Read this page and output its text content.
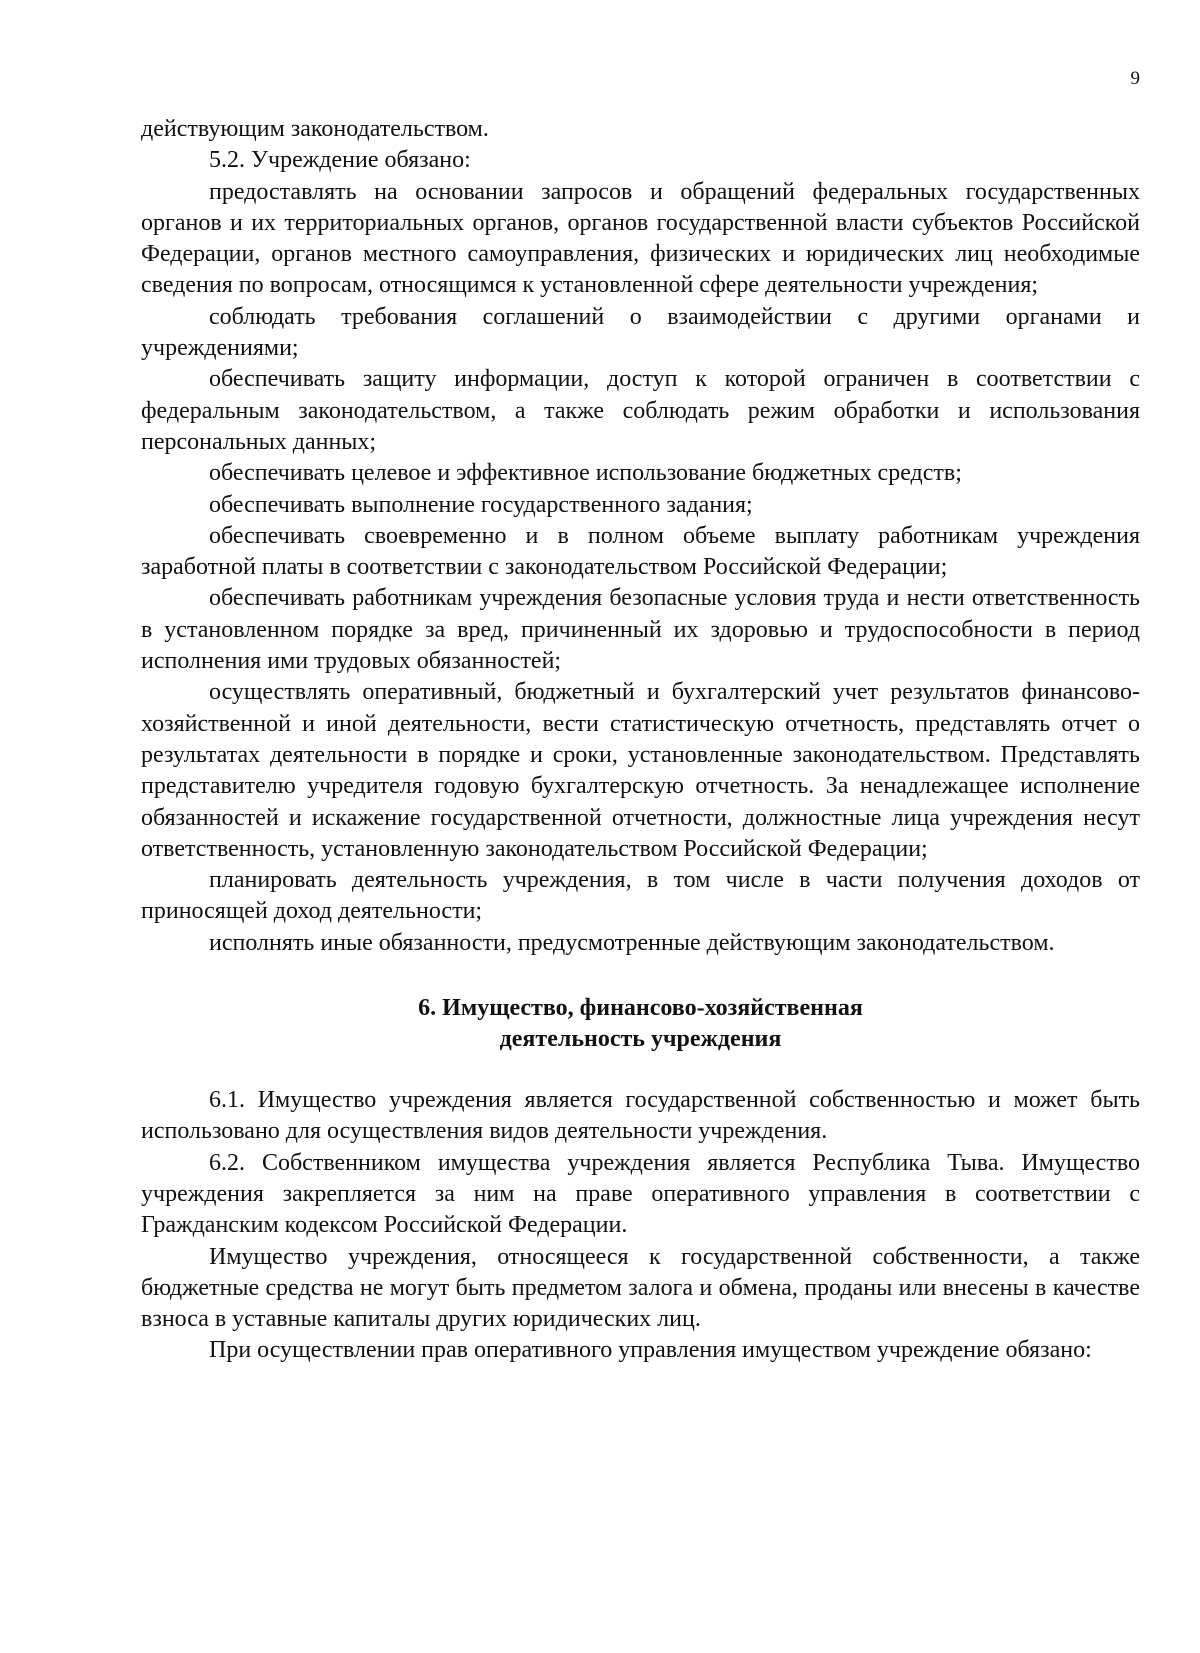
9

действующим законодательством.

5.2. Учреждение обязано:

предоставлять на основании запросов и обращений федеральных государственных органов и их территориальных органов, органов государственной власти субъектов Российской Федерации, органов местного самоуправления, физических и юридических лиц необходимые сведения по вопросам, относящимся к установленной сфере деятельности учреждения;

соблюдать требования соглашений о взаимодействии с другими органами и учреждениями;

обеспечивать защиту информации, доступ к которой ограничен в соответствии с федеральным законодательством, а также соблюдать режим обработки и использования персональных данных;

обеспечивать целевое и эффективное использование бюджетных средств;

обеспечивать выполнение государственного задания;

обеспечивать своевременно и в полном объеме выплату работникам учреждения заработной платы в соответствии с законодательством Российской Федерации;

обеспечивать работникам учреждения безопасные условия труда и нести ответственность в установленном порядке за вред, причиненный их здоровью и трудоспособности в период исполнения ими трудовых обязанностей;

осуществлять оперативный, бюджетный и бухгалтерский учет результатов финансово-хозяйственной и иной деятельности, вести статистическую отчетность, представлять отчет о результатах деятельности в порядке и сроки, установленные законодательством. Представлять представителю учредителя годовую бухгалтерскую отчетность. За ненадлежащее исполнение обязанностей и искажение государственной отчетности, должностные лица учреждения несут ответственность, установленную законодательством Российской Федерации;

планировать деятельность учреждения, в том числе в части получения доходов от приносящей доход деятельности;

исполнять иные обязанности, предусмотренные действующим законодательством.

6. Имущество, финансово-хозяйственная
деятельность учреждения

6.1. Имущество учреждения является государственной собственностью и может быть использовано для осуществления видов деятельности учреждения.

6.2. Собственником имущества учреждения является Республика Тыва. Имущество учреждения закрепляется за ним на праве оперативного управления в соответствии с Гражданским кодексом Российской Федерации.

Имущество учреждения, относящееся к государственной собственности, а также бюджетные средства не могут быть предметом залога и обмена, проданы или внесены в качестве взноса в уставные капиталы других юридических лиц.

При осуществлении прав оперативного управления имуществом учреждение обязано:
